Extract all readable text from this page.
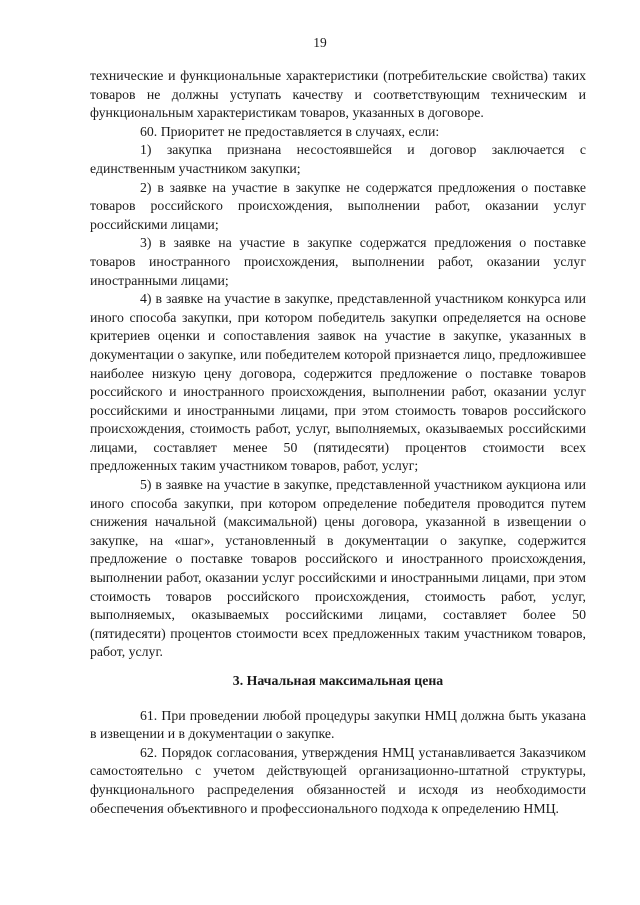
19

технические и функциональные характеристики (потребительские свойства) таких товаров не должны уступать качеству и соответствующим техническим и функциональным характеристикам товаров, указанных в договоре.

60. Приоритет не предоставляется в случаях, если:

1) закупка признана несостоявшейся и договор заключается с единственным участником закупки;

2) в заявке на участие в закупке не содержатся предложения о поставке товаров российского происхождения, выполнении работ, оказании услуг российскими лицами;

3) в заявке на участие в закупке содержатся предложения о поставке товаров иностранного происхождения, выполнении работ, оказании услуг иностранными лицами;

4) в заявке на участие в закупке, представленной участником конкурса или иного способа закупки, при котором победитель закупки определяется на основе критериев оценки и сопоставления заявок на участие в закупке, указанных в документации о закупке, или победителем которой признается лицо, предложившее наиболее низкую цену договора, содержится предложение о поставке товаров российского и иностранного происхождения, выполнении работ, оказании услуг российскими и иностранными лицами, при этом стоимость товаров российского происхождения, стоимость работ, услуг, выполняемых, оказываемых российскими лицами, составляет менее 50 (пятидесяти) процентов стоимости всех предложенных таким участником товаров, работ, услуг;

5) в заявке на участие в закупке, представленной участником аукциона или иного способа закупки, при котором определение победителя проводится путем снижения начальной (максимальной) цены договора, указанной в извещении о закупке, на «шаг», установленный в документации о закупке, содержится предложение о поставке товаров российского и иностранного происхождения, выполнении работ, оказании услуг российскими и иностранными лицами, при этом стоимость товаров российского происхождения, стоимость работ, услуг, выполняемых, оказываемых российскими лицами, составляет более 50 (пятидесяти) процентов стоимости всех предложенных таким участником товаров, работ, услуг.

3. Начальная максимальная цена

61. При проведении любой процедуры закупки НМЦ должна быть указана в извещении и в документации о закупке.

62. Порядок согласования, утверждения НМЦ устанавливается Заказчиком самостоятельно с учетом действующей организационно-штатной структуры, функционального распределения обязанностей и исходя из необходимости обеспечения объективного и профессионального подхода к определению НМЦ.
